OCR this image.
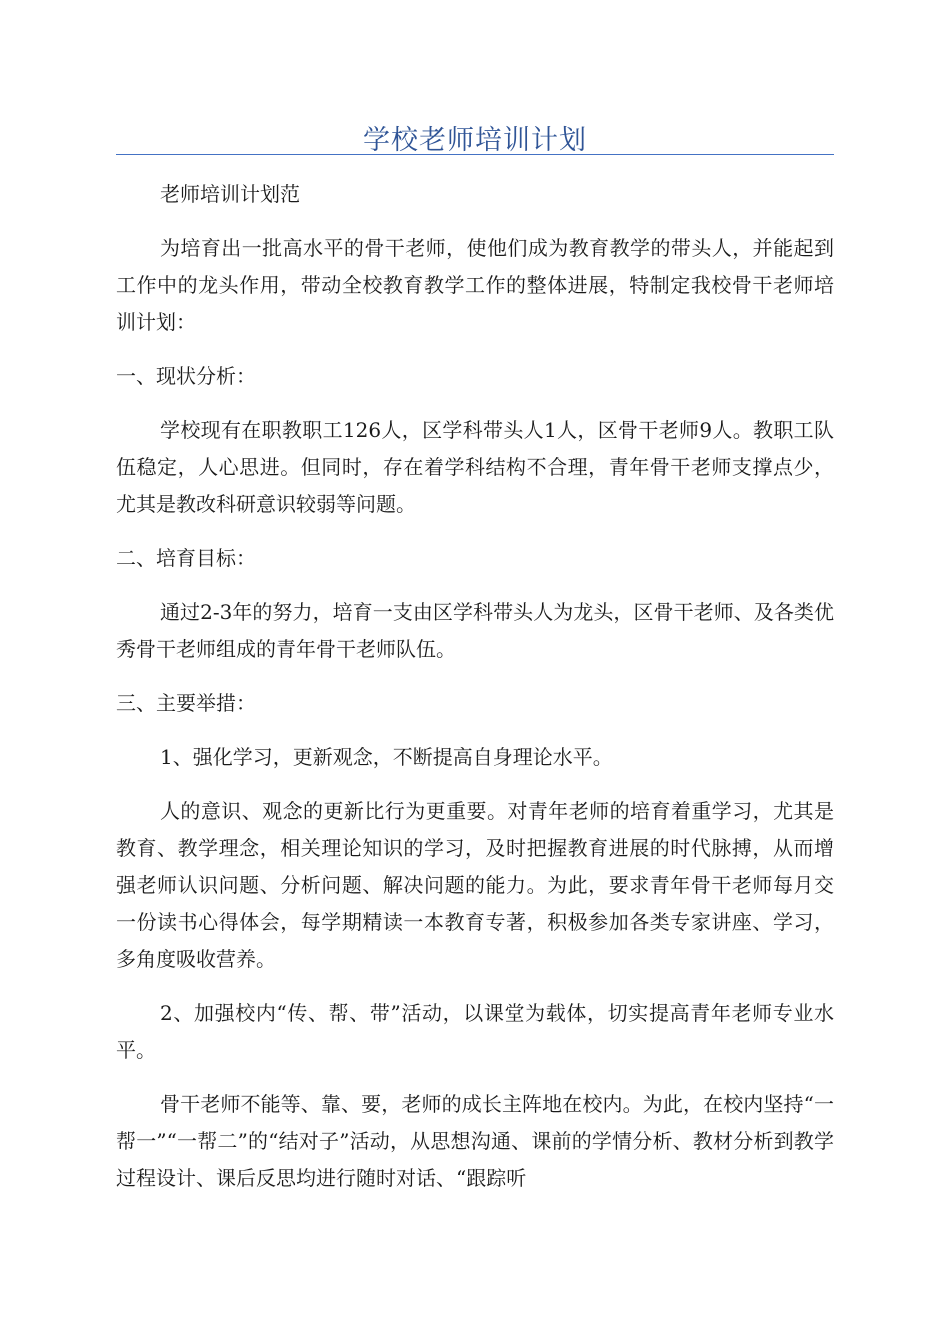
学校老师培训计划

老师培训计划范

为培育出一批高水平的骨干老师，使他们成为教育教学的带头人，并能起到工作中的龙头作用，带动全校教育教学工作的整体进展，特制定我校骨干老师培训计划：

一、现状分析：

学校现有在职教职工126人，区学科带头人1人，区骨干老师9人。教职工队伍稳定，人心思进。但同时，存在着学科结构不合理，青年骨干老师支撑点少，尤其是教改科研意识较弱等问题。

二、培育目标：

通过2-3年的努力，培育一支由区学科带头人为龙头，区骨干老师、及各类优秀骨干老师组成的青年骨干老师队伍。

三、主要举措：

1、强化学习，更新观念，不断提高自身理论水平。

人的意识、观念的更新比行为更重要。对青年老师的培育着重学习，尤其是教育、教学理念，相关理论知识的学习，及时把握教育进展的时代脉搏，从而增强老师认识问题、分析问题、解决问题的能力。为此，要求青年骨干老师每月交一份读书心得体会，每学期精读一本教育专著，积极参加各类专家讲座、学习，多角度吸收营养。

2、加强校内“传、帮、带”活动，以课堂为载体，切实提高青年老师专业水平。

骨干老师不能等、靠、要，老师的成长主阵地在校内。为此，在校内坚持“一帮一”“一帮二”的“结对子”活动，从思想沟通、课前的学情分析、教材分析到教学过程设计、课后反思均进行随时对话、“跟踪听
